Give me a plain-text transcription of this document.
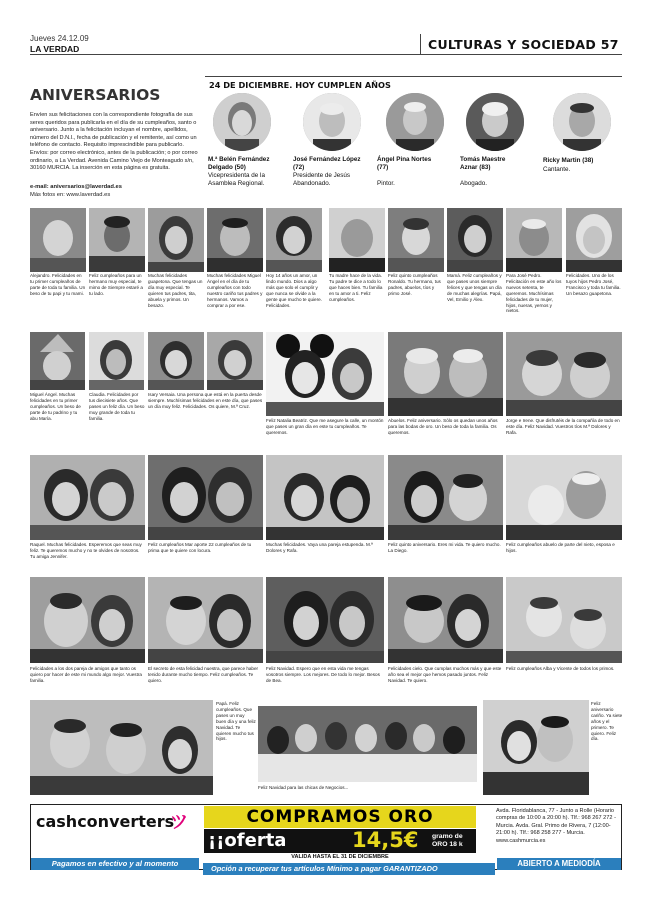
Jueves 24.12.09
LA VERDAD	CULTURAS Y SOCIEDAD 57
ANIVERSARIOS
Envíen sus felicitaciones con la correspondiente fotografía de sus seres queridos para publicarla en el día de su cumpleaños, santo o aniversario. Junto a la felicitación incluyan el nombre, apellidos, número del D.N.I., fecha de publicación y el remitente, así como un teléfono de contacto. Requisito imprescindible para publicarlo. Envíos: por correo electrónico, antes de la publicación; o por correo ordinario, a La Verdad. Avenida Camino Viejo de Monteagudo s/n, 30160 MURCIA. La inserción en esta página es gratuita.
e-mail: aniversarios@laverdad.es
Más fotos en: www.laverdad.es
24 DE DICIEMBRE. HOY CUMPLEN AÑOS
M.ª Belén Fernández Delgado (50)
Vicepresidenta de la Asamblea Regional.
José Fernández López (72)
Presidente de Jesús Abandonado.
Ángel Pina Nortes (77)
Pintor.
Tomás Maestre Aznar (83)
Abogado.
Ricky Martin (38)
Cantante.
Alejandro. Felicidades en tu primer cumpleaños de parte de toda tu familia. Un beso de tu papi y tu mami.
Feliz cumpleaños para un hermano muy especial, te mimo de Siempre estaré a tu lado.
Muchas felicidades guapetona. Que tengas un día muy especial. Te quieren tus padres, tita, abuela y primos. Un besazo.
Muchas felicidades Miguel Ángel en el día de tu cumpleaños con todo nuestro cariño tus padres y hermanos. Vamos a comprar a por ese.
Hoy 14 años un amor, un lindo mundo. Dios a algo más que solo el cumplir y que nunca se olvide a la gente que mucho te quiere. Felicidades.
Tu madre hace de la vida. Tu padre te dice a todo lo que haces bien. Tu familia en tu amor a ti. Feliz cumpleaños.
Feliz quinto cumpleaños Ronaldo. Tu hermano, tus padres, abuelos, tíos y primo José.
Mamá. Feliz cumpleaños y que pases unos siempre felices y que tengas un día de muchas alegrías. Papá, Vel, Emilio y Álex.
Para José Pedro. Felicitación en este año los nuevos setenta, te queremos. Muchísimas felicidades de tu mujer, hijos, nueras, yernos y nietos.
Felicidades. Uno de los tuyos hijos Pedro José, Francisco y toda tu familia. Un besazo guapetona.
Miguel Ángel. Muchas felicidades en tu primer cumpleaños. Un beso de parte de tu padrino y tu abu María.
Claudia. Felicidades por tus diecisiete años. Que pases un feliz día. Un beso muy grande de toda tu familia.
Isary Versaia. Una persona que está en la puerta desde siempre. Muchísimas felicidades en este día, que pases un día muy feliz. Felicidades. Os quiere, M.ª Cruz.
Feliz Natalia Beatriz. Que me asegure la calle, un montón que pases un gran día en este tu cumpleaños. Te queremos.
Abuelos. Feliz aniversario. Sólo os quedan unos años para las bodas de oro. Un beso de toda la familia. Os queremos.
Jorge e Irene. Que disfrutéis de la compañía de todo en este día. Feliz Navidad. Vuestros tíos M.ª Dolores y Rafa.
Raquel. Muchas felicidades. Esperemos que seas muy feliz. Te queremos mucho y no te olvides de nosotros. Tu amiga Jennifer.
Feliz cumpleaños Mar aporte 22 cumpleaños de tu prima que te quiere con locura.
Muchas felicidades. Vaya una pareja estupenda. M.ª Dolores y Rafa.
Feliz quinto aniversario. Eres mi vida. Te quiero mucho. La Diego.
Feliz cumpleaños abuelo de parte del nieto, esposa e hijos.
Felicidades a los dos pareja de amigos que tanto os quiero por hacer de este mi mundo algo mejor. Vuestra familia.
El secreto de esta felicidad nuestra, que parece haber tenido durante mucho tiempo. Feliz cumpleaños. Te quiero.
Feliz Navidad. Espero que en esta vida me tengas vosotros siempre. Los mejores. De todo lo mejor. Besos de Bea.
Felicidades cielo. Que cumplas muchos más y que este año sea el mejor que hemos pasado juntos. Feliz Navidad. Te quiero.
Feliz cumpleaños Alba y Vicente de todos los primos.
Papá. Feliz cumpleaños. Que pases un muy buen día y una feliz Navidad. Te quieren mucho tus hijos.
Feliz Navidad para las chicas de Negocios...
Feliz aniversario cariño. Ya siete años y el primero. Te quiero. Feliz día.
cashconverters
ツ	COMPRAMOS ORO
¡¡oferta	14,5€ gramo de ORO 18 k
VALIDA HASTA EL 31 DE DICIEMBRE
Avda. Floridablanca, 77 - Junto a Rolle (Horario compras de 10:00 a 20:00 h). Tlf.: 968 267 272 - Murcia. Avda. Gral. Primo de Rivera, 7 (12:00-21:00 h). Tlf.: 968 258 277 - Murcia. www.cashmurcia.es
Pagamos en efectivo y al momento
Opción a recuperar tus artículos Mínimo a pagar GARANTIZADO
ABIERTO A MEDIODÍA
